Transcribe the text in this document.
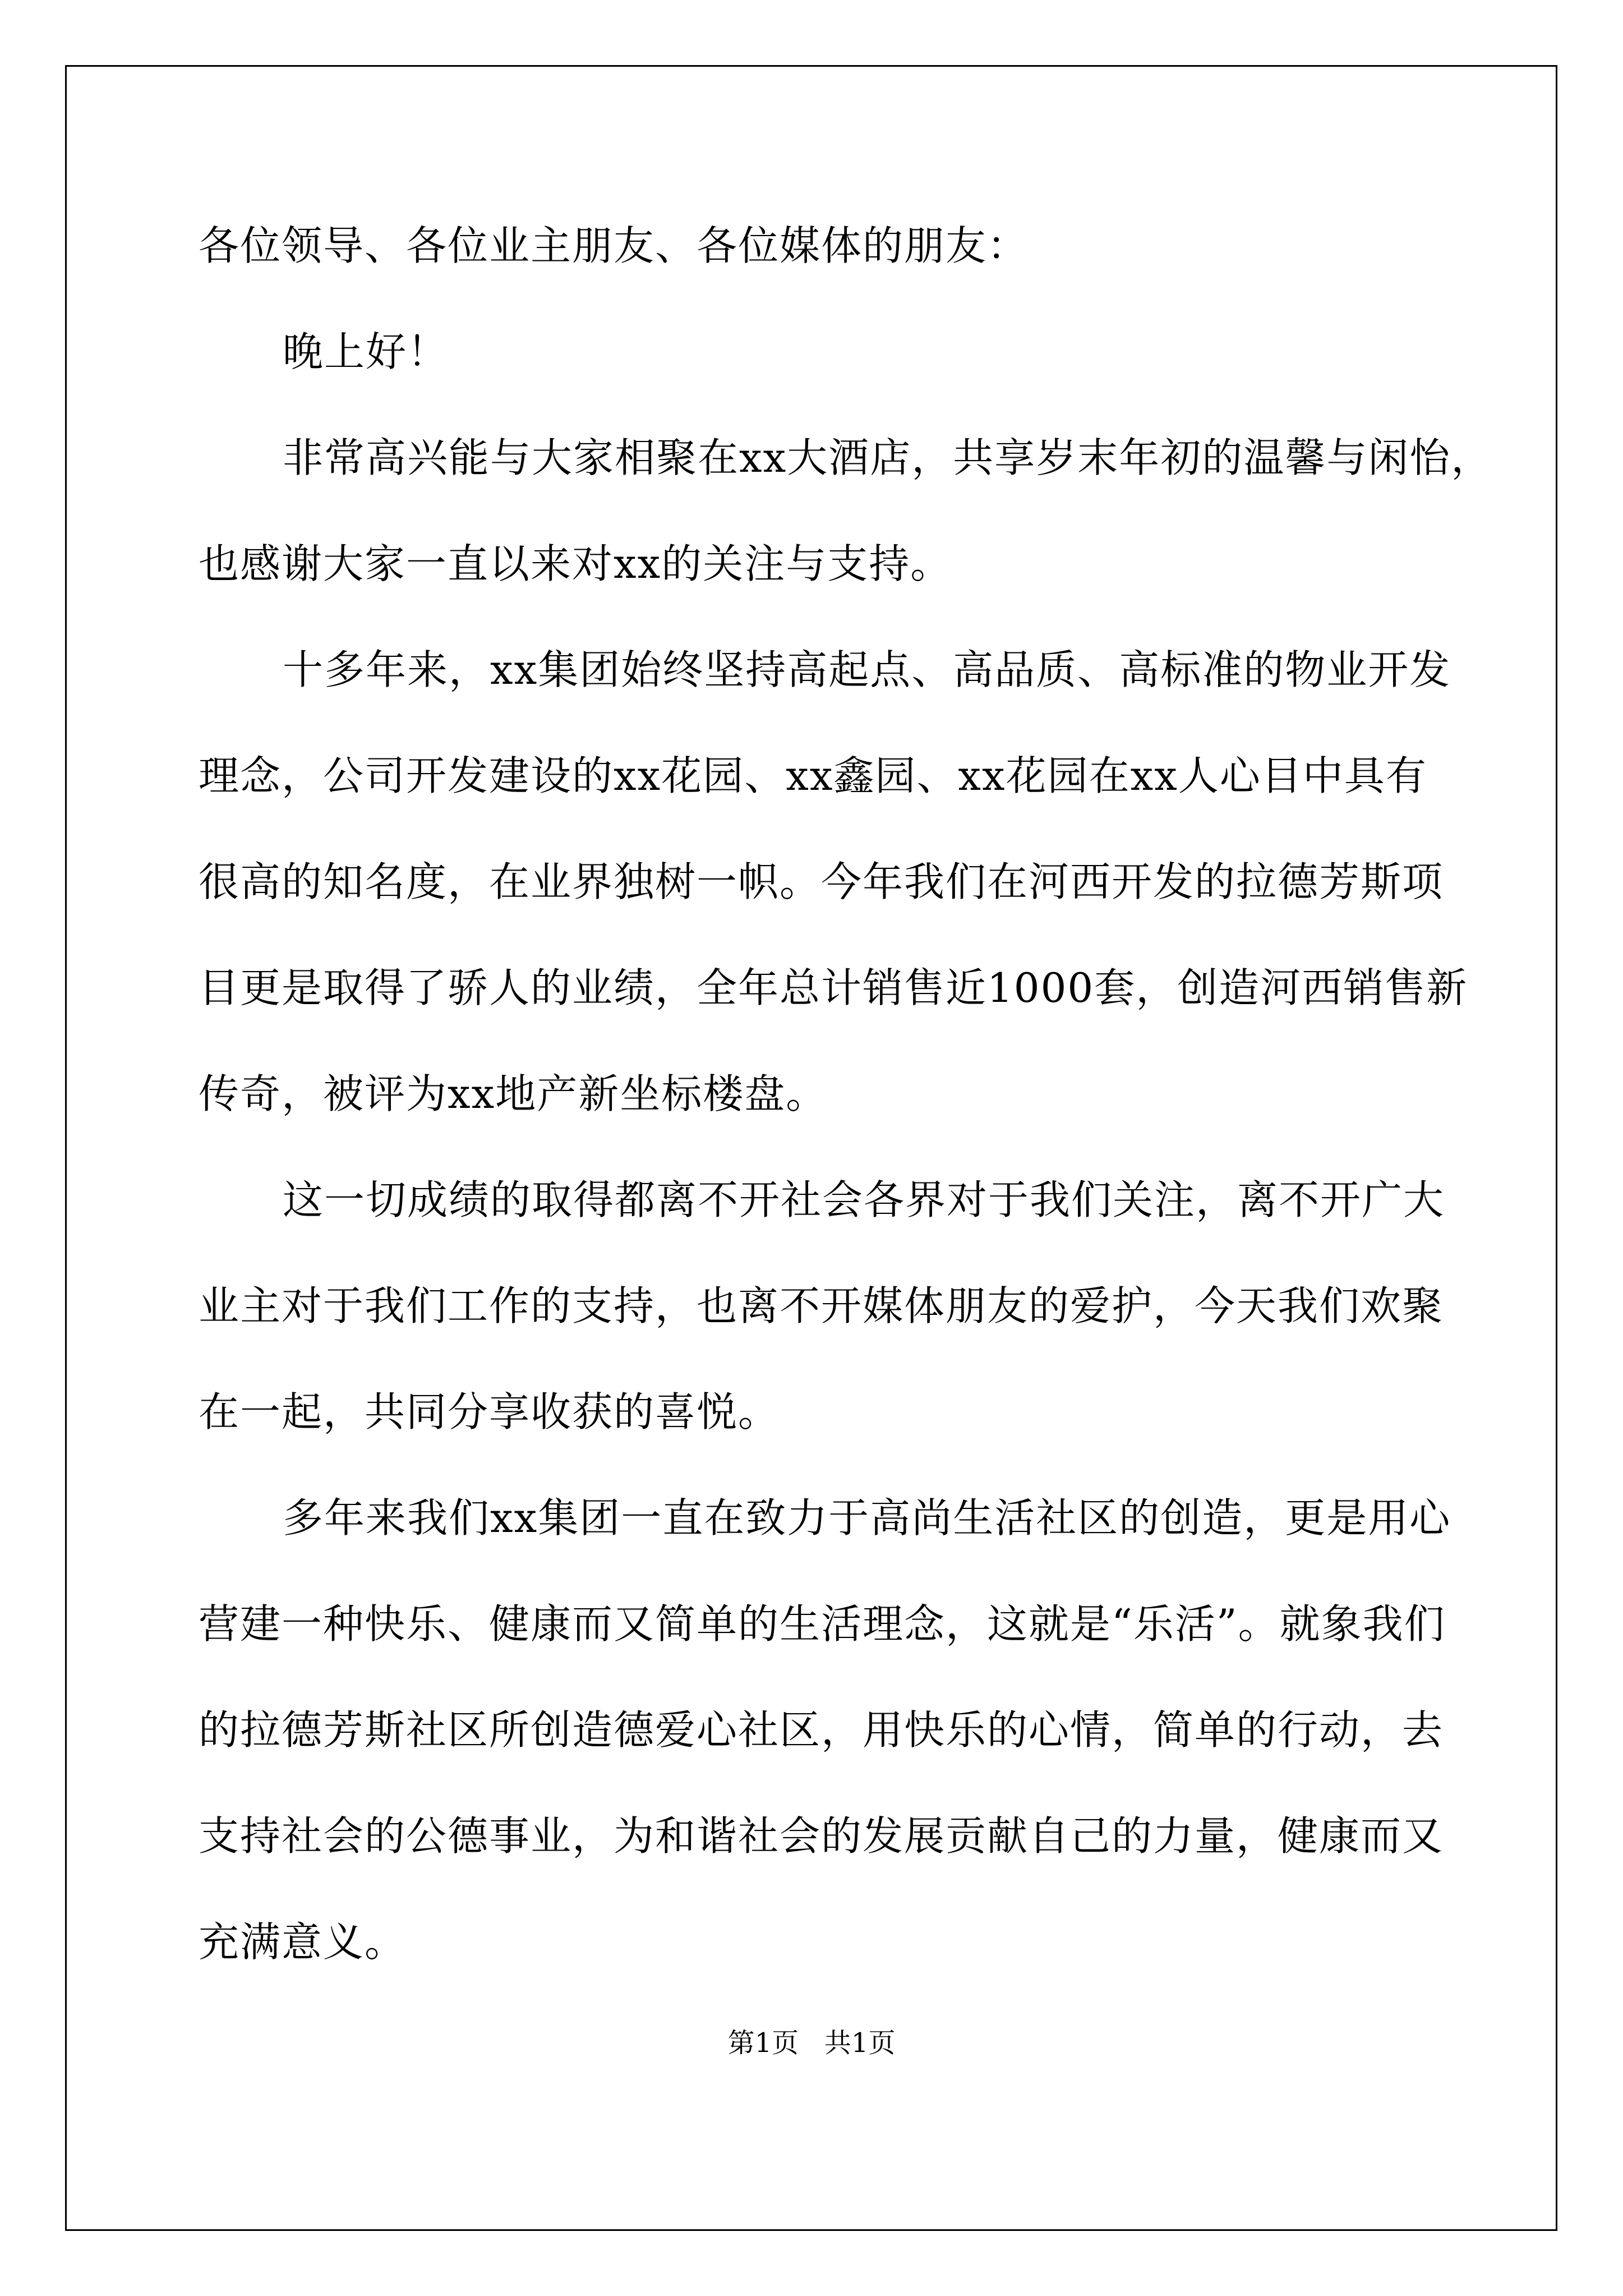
各位领导、各位业主朋友、各位媒体的朋友：

晚上好！

非常高兴能与大家相聚在xx大酒店，共享岁末年初的温馨与闲怡，

也感谢大家一直以来对xx的关注与支持。

十多年来，xx集团始终坚持高起点、高品质、高标准的物业开发

理念，公司开发建设的xx花园、xx鑫园、xx花园在xx人心目中具有

很高的知名度，在业界独树一帜。今年我们在河西开发的拉德芳斯项

目更是取得了骄人的业绩，全年总计销售近1000套，创造河西销售新

传奇，被评为xx地产新坐标楼盘。

这一切成绩的取得都离不开社会各界对于我们关注，离不开广大

业主对于我们工作的支持，也离不开媒体朋友的爱护，今天我们欢聚

在一起，共同分享收获的喜悦。

多年来我们xx集团一直在致力于高尚生活社区的创造，更是用心

营建一种快乐、健康而又简单的生活理念，这就是“乐活”。就象我们

的拉德芳斯社区所创造德爱心社区，用快乐的心情，简单的行动，去

支持社会的公德事业，为和谐社会的发展贡献自己的力量，健康而又

充满意义。

第1页   共1页
